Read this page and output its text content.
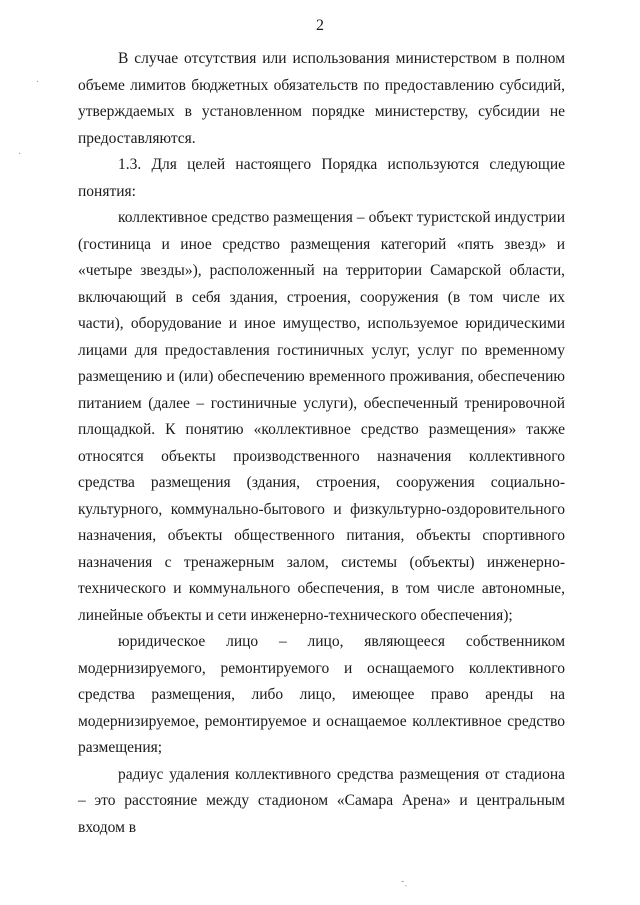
2
·
·
‐ˏ

В случае отсутствия или использования министерством в полном объеме лимитов бюджетных обязательств по предоставлению субсидий, утверждаемых в установленном порядке министерству, субсидии не предоставляются.

1.3. Для целей настоящего Порядка используются следующие понятия:

коллективное средство размещения – объект туристской индустрии (гостиница и иное средство размещения категорий «пять звезд» и «четыре звезды»), расположенный на территории Самарской области, включающий в себя здания, строения, сооружения (в том числе их части), оборудование и иное имущество, используемое юридическими лицами для предоставления гостиничных услуг, услуг по временному размещению и (или) обеспечению временного проживания, обеспечению питанием (далее – гостиничные услуги), обеспеченный тренировочной площадкой. К понятию «коллективное средство размещения» также относятся объекты производственного назначения коллективного средства размещения (здания, строения, сооружения социально-культурного, коммунально-бытового и физкультурно-оздоровительного назначения, объекты общественного питания, объекты спортивного назначения с тренажерным залом, системы (объекты) инженерно-технического и коммунального обеспечения, в том числе автономные, линейные объекты и сети инженерно-технического обеспечения);

юридическое лицо – лицо, являющееся собственником модернизируемого, ремонтируемого и оснащаемого коллективного средства размещения, либо лицо, имеющее право аренды на модернизируемое, ремонтируемое и оснащаемое коллективное средство размещения;

радиус удаления коллективного средства размещения от стадиона – это расстояние между стадионом «Самара Арена» и центральным входом в
